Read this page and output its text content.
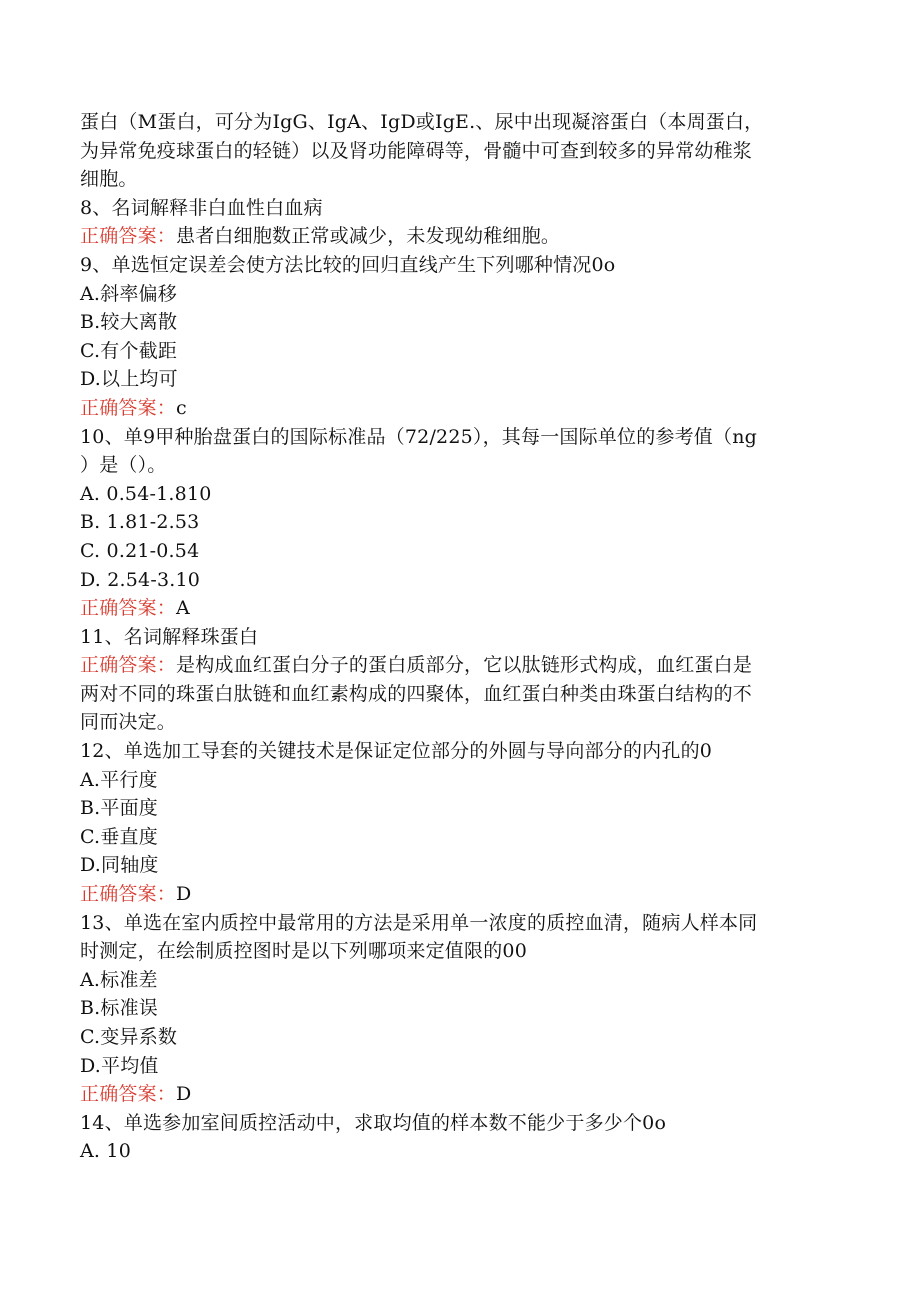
蛋白（M蛋白，可分为IgG、IgA、IgD或IgE.、尿中出现凝溶蛋白（本周蛋白，
为异常免疫球蛋白的轻链）以及肾功能障碍等，骨髓中可查到较多的异常幼稚浆
细胞。
8、名词解释非白血性白血病
正确答案：患者白细胞数正常或减少，未发现幼稚细胞。
9、单选恒定误差会使方法比较的回归直线产生下列哪种情况0o
A.斜率偏移
B.较大离散
C.有个截距
D.以上均可
正确答案：c
10、单9甲种胎盘蛋白的国际标准品（72/225），其每一国际单位的参考值（ng
）是（）。
A. 0.54-1.810
B. 1.81-2.53
C. 0.21-0.54
D. 2.54-3.10
正确答案：A
11、名词解释珠蛋白
正确答案：是构成血红蛋白分子的蛋白质部分，它以肽链形式构成，血红蛋白是
两对不同的珠蛋白肽链和血红素构成的四聚体，血红蛋白种类由珠蛋白结构的不
同而决定。
12、单选加工导套的关键技术是保证定位部分的外圆与导向部分的内孔的0
A.平行度
B.平面度
C.垂直度
D.同轴度
正确答案：D
13、单选在室内质控中最常用的方法是采用单一浓度的质控血清，随病人样本同
时测定，在绘制质控图时是以下列哪项来定值限的00
A.标准差
B.标准误
C.变异系数
D.平均值
正确答案：D
14、单选参加室间质控活动中，求取均值的样本数不能少于多少个0o
A. 10
